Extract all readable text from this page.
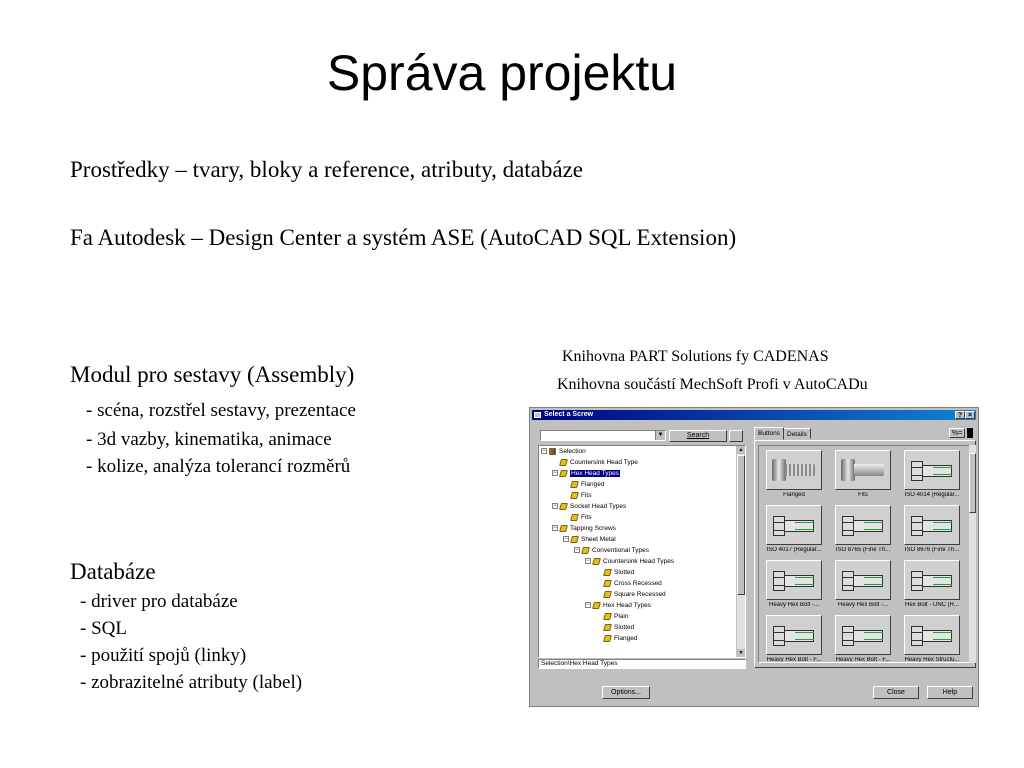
Správa projektu
Prostředky – tvary, bloky a reference, atributy, databáze
Fa Autodesk – Design Center a systém ASE (AutoCAD SQL Extension)
Modul pro sestavy (Assembly)
- scéna, rozstřel sestavy, prezentace
- 3d vazby, kinematika, animace
- kolize, analýza tolerancí rozměrů
Databáze
- driver pro databáze
- SQL
- použití spojů (linky)
- zobrazitelné atributy (label)
Knihovna PART Solutions fy CADENAS
Knihovna součástí MechSoft Profi v AutoCADu
Select a Screw	? ×
▼	Search
− Selection
Countersink Head Type
− Hex Head Types
Flanged
Fits
− Socket Head Types
Fits
− Tapping Screws
− Sheet Metal
− Conventional Types
− Countersink Head Types
Slotted
Cross Recessed
Square Recessed
− Hex Head Types
Plain
Slotted
Flanged
▲
▼
Selection\Hex Head Types
Buttons	Details	%=
Flanged	Fits	ISO 4014 (Regular...
ISO 4017 (Regular...	ISO 8765 (Fine Th...	ISO 8676 (Fine Th...
Heavy Hex Bolt -...	Heavy Hex Bolt -...	Hex Bolt - UNC (R...
Heavy Hex Bolt - F...	Heavy Hex Bolt - F...	Heavy Hex Structu...
Options...	Close	Help
